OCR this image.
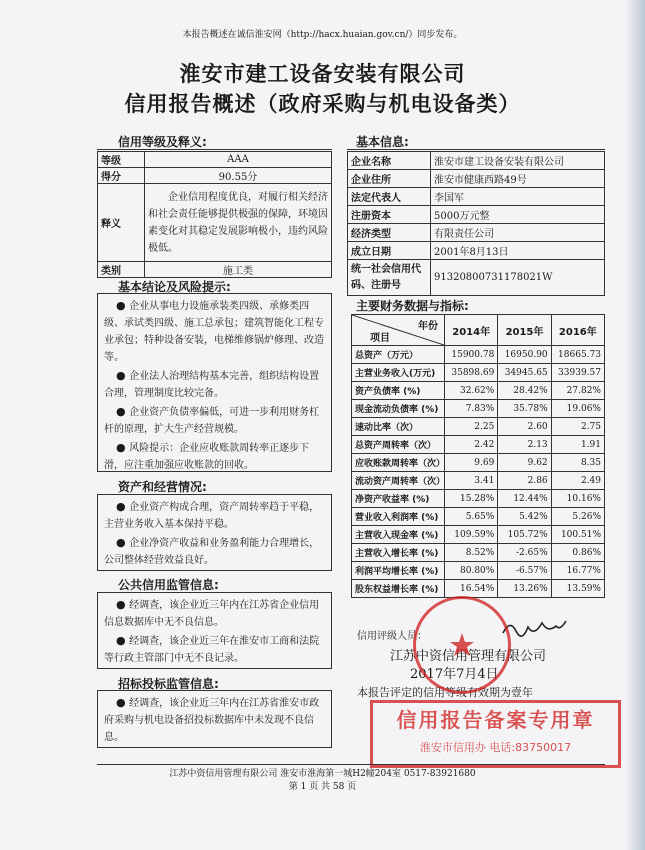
本报告概述在诚信淮安网（http://hacx.huaian.gov.cn/）同步发布。
淮安市建工设备安装有限公司
信用报告概述（政府采购与机电设备类）
信用等级及释义:
等级	AAA
得分	90.55分
释义	企业信用程度优良，对履行相关经济和社会责任能够提供极强的保障，环境因素变化对其稳定发展影响极小，违约风险极低。
类别	施工类
基本结论及风险提示:

● 企业从事电力设施承装类四级、承修类四级、承试类四级、施工总承包；建筑智能化工程专业承包；特种设备安装，电梯维修锅炉修理、改造等。

● 企业法人治理结构基本完善，组织结构设置合理，管理制度比较完备。

● 企业资产负债率偏低，可进一步利用财务杠杆的原理，扩大生产经营规模。

● 风险提示：企业应收账款周转率正逐步下滑，应注重加强应收账款的回收。

资产和经营情况:

● 企业资产构成合理，资产周转率趋于平稳，主营业务收入基本保持平稳。

● 企业净资产收益和业务盈利能力合理增长，公司整体经营效益良好。

公共信用监管信息:

● 经调查，该企业近三年内在江苏省企业信用信息数据库中无不良信息。

● 经调查，该企业近三年在淮安市工商和法院等行政主管部门中无不良记录。

招标投标监管信息:

● 经调查，该企业近三年内在江苏省淮安市政府采购与机电设备招投标数据库中未发现不良信息。

基本信息:
企业名称	淮安市建工设备安装有限公司
企业住所	淮安市健康西路49号
法定代表人	李国军
注册资本	5000万元整
经济类型	有限责任公司
成立日期	2001年8月13日
统一社会信用代码、注册号	91320800731178021W
主要财务数据与指标:
年份
项目	2014年	2015年	2016年
总资产（万元）	15900.78	16950.90	18665.73
主营业务收入(万元)	35898.69	34945.65	33939.57
资产负债率 (%)	32.62%	28.42%	27.82%
现金流动负债率 (%)	7.83%	35.78%	19.06%
速动比率（次）	2.25	2.60	2.75
总资产周转率（次）	2.42	2.13	1.91
应收账款周转率（次）	9.69	9.62	8.35
流动资产周转率（次）	3.41	2.86	2.49
净资产收益率 (%)	15.28%	12.44%	10.16%
营业收入利润率 (%)	5.65%	5.42%	5.26%
主营收入现金率 (%)	109.59%	105.72%	100.51%
主营收入增长率 (%)	8.52%	-2.65%	0.86%
利润平均增长率 (%)	80.80%	-6.57%	16.77%
股东权益增长率 (%)	16.54%	13.26%	13.59%
信用评级人员：
江苏中资信用管理有限公司
2017年7月4日
本报告评定的信用等级有效期为壹年
信用报告备案专用章
淮安市信用办 电话:83750017
江苏中资信用管理有限公司 淮安市淮海第一城H2幢204室 0517-83921680
第 1 页 共 58 页
